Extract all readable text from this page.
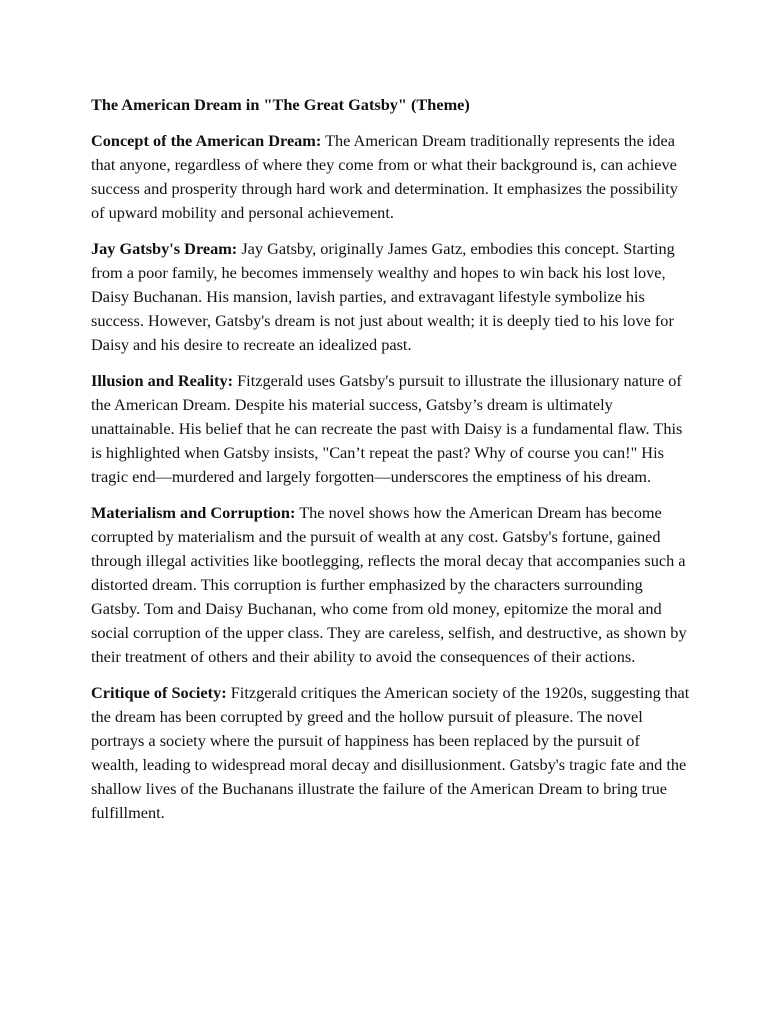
The American Dream in "The Great Gatsby" (Theme)

Concept of the American Dream: The American Dream traditionally represents the idea that anyone, regardless of where they come from or what their background is, can achieve success and prosperity through hard work and determination. It emphasizes the possibility of upward mobility and personal achievement.

Jay Gatsby's Dream: Jay Gatsby, originally James Gatz, embodies this concept. Starting from a poor family, he becomes immensely wealthy and hopes to win back his lost love, Daisy Buchanan. His mansion, lavish parties, and extravagant lifestyle symbolize his success. However, Gatsby's dream is not just about wealth; it is deeply tied to his love for Daisy and his desire to recreate an idealized past.

Illusion and Reality: Fitzgerald uses Gatsby's pursuit to illustrate the illusionary nature of the American Dream. Despite his material success, Gatsby’s dream is ultimately unattainable. His belief that he can recreate the past with Daisy is a fundamental flaw. This is highlighted when Gatsby insists, "Can’t repeat the past? Why of course you can!" His tragic end—murdered and largely forgotten—underscores the emptiness of his dream.

Materialism and Corruption: The novel shows how the American Dream has become corrupted by materialism and the pursuit of wealth at any cost. Gatsby's fortune, gained through illegal activities like bootlegging, reflects the moral decay that accompanies such a distorted dream. This corruption is further emphasized by the characters surrounding Gatsby. Tom and Daisy Buchanan, who come from old money, epitomize the moral and social corruption of the upper class. They are careless, selfish, and destructive, as shown by their treatment of others and their ability to avoid the consequences of their actions.

Critique of Society: Fitzgerald critiques the American society of the 1920s, suggesting that the dream has been corrupted by greed and the hollow pursuit of pleasure. The novel portrays a society where the pursuit of happiness has been replaced by the pursuit of wealth, leading to widespread moral decay and disillusionment. Gatsby's tragic fate and the shallow lives of the Buchanans illustrate the failure of the American Dream to bring true fulfillment.
